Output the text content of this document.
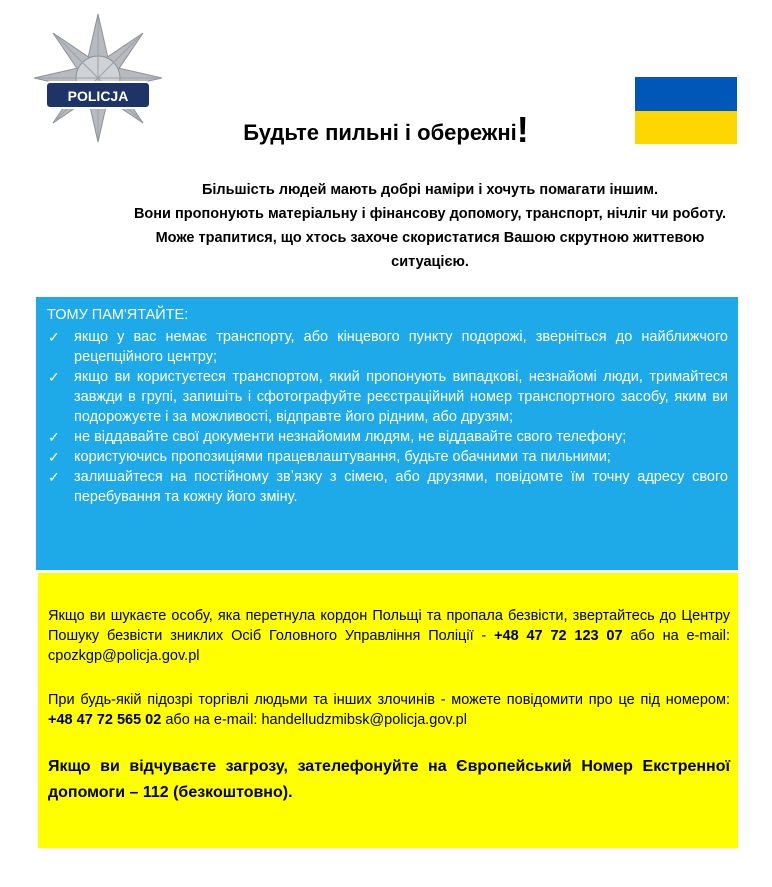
POLICJA
Будьте пильні і обережні!
Більшість людей мають добрі наміри і хочуть помагати іншим.
Вони пропонують матеріальну і фінансову допомогу, транспорт, нічліг чи роботу.
Може трапитися, що хтось захоче скористатися Вашою скрутною життевою
ситуацією.
ТОМУ ПАМ'ЯТАЙТЕ:
✓ якщо у вас немає транспорту, або кінцевого пункту подорожі, зверніться до найближчого рецепційного центру;
✓ якщо ви користуєтеся транспортом, який пропонують випадкові, незнайомі люди, тримайтеся завжди в групі, запишіть і сфотографуйте реєстраційний номер транспортного засобу, яким ви подорожуєте і за можливості, відправте його рідним, або друзям;
✓ не віддавайте свої документи незнайомим людям, не віддавайте свого телефону;
✓ користуючись пропозиціями працевлаштування, будьте обачними та пильними;
✓ залишайтеся на постійному звʼязку з сімею, або друзями, повідомте їм точну адресу свого перебування та кожну його зміну.

Якщо ви шукаєте особу, яка перетнула кордон Польщі та пропала безвісти, звертайтесь до Центру Пошуку безвісти зниклих Осіб Головного Управління Поліції - +48 47 72 123 07 або на e-mail: cpozkgp@policja.gov.pl

При будь-якій підозрі торгівлі людьми та інших злочинів - можете повідомити про це під номером: +48 47 72 565 02 або на e-mail: handelludzmibsk@policja.gov.pl

Якщо ви відчуваєте загрозу, зателефонуйте на Європейський Номер Екстренної допомоги – 112 (безкоштовно).
